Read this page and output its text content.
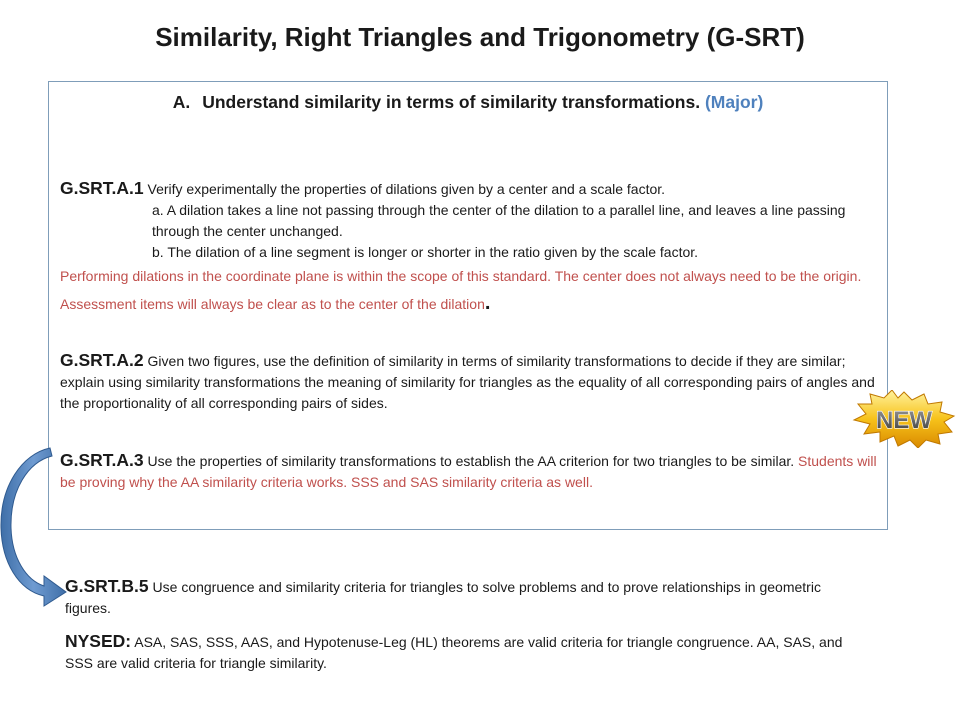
Similarity, Right Triangles and Trigonometry (G-SRT)
A. Understand similarity in terms of similarity transformations. (Major)

G.SRT.A.1 Verify experimentally the properties of dilations given by a center and a scale factor.
a. A dilation takes a line not passing through the center of the dilation to a parallel line, and leaves a line passing through the center unchanged.
b. The dilation of a line segment is longer or shorter in the ratio given by the scale factor.
Performing dilations in the coordinate plane is within the scope of this standard. The center does not always need to be the origin. Assessment items will always be clear as to the center of the dilation.

G.SRT.A.2 Given two figures, use the definition of similarity in terms of similarity transformations to decide if they are similar; explain using similarity transformations the meaning of similarity for triangles as the equality of all corresponding pairs of angles and the proportionality of all corresponding pairs of sides.

G.SRT.A.3 Use the properties of similarity transformations to establish the AA criterion for two triangles to be similar. Students will be proving why the AA similarity criteria works. SSS and SAS similarity criteria as well.

G.SRT.B.5 Use congruence and similarity criteria for triangles to solve problems and to prove relationships in geometric figures.

NYSED: ASA, SAS, SSS, AAS, and Hypotenuse-Leg (HL) theorems are valid criteria for triangle congruence. AA, SAS, and SSS are valid criteria for triangle similarity.

NEW
